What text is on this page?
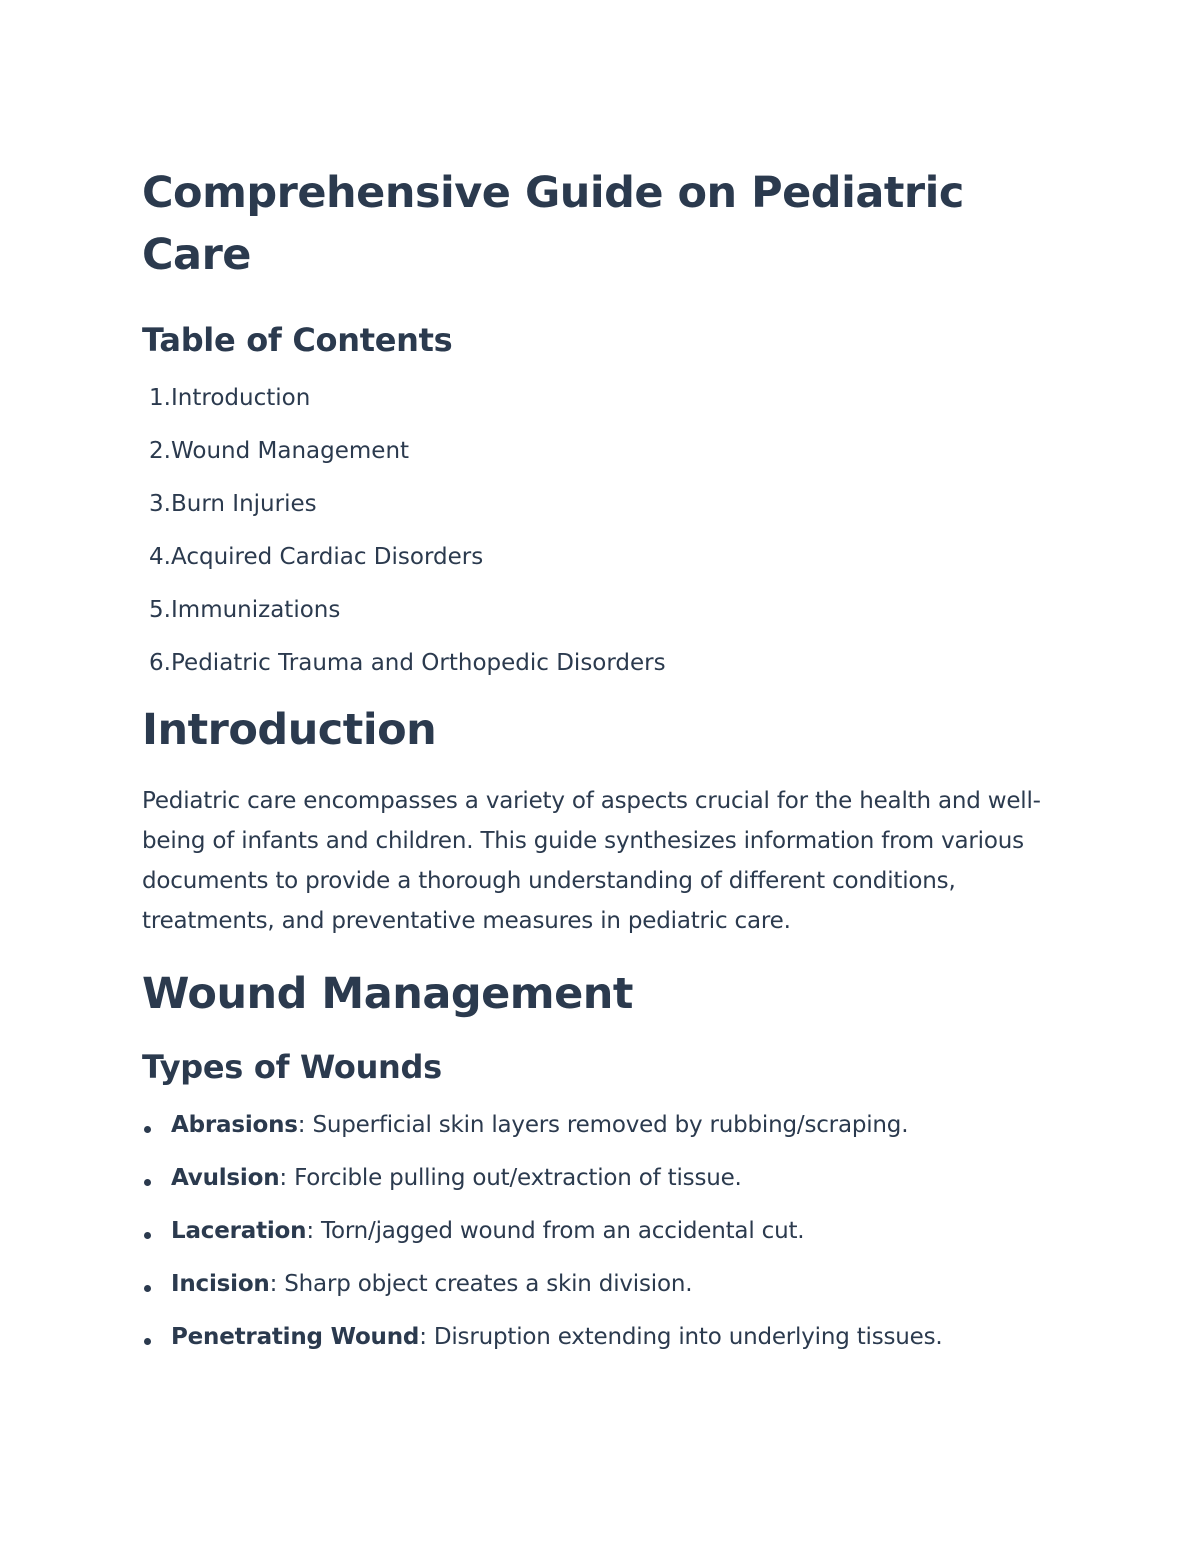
Comprehensive Guide on Pediatric Care
Table of Contents
1. Introduction
2. Wound Management
3. Burn Injuries
4. Acquired Cardiac Disorders
5. Immunizations
6. Pediatric Trauma and Orthopedic Disorders
Introduction

Pediatric care encompasses a variety of aspects crucial for the health and well-being of infants and children. This guide synthesizes information from various documents to provide a thorough understanding of different conditions, treatments, and preventative measures in pediatric care.

Wound Management
Types of Wounds
Abrasions: Superficial skin layers removed by rubbing/scraping.
Avulsion: Forcible pulling out/extraction of tissue.
Laceration: Torn/jagged wound from an accidental cut.
Incision: Sharp object creates a skin division.
Penetrating Wound: Disruption extending into underlying tissues.
